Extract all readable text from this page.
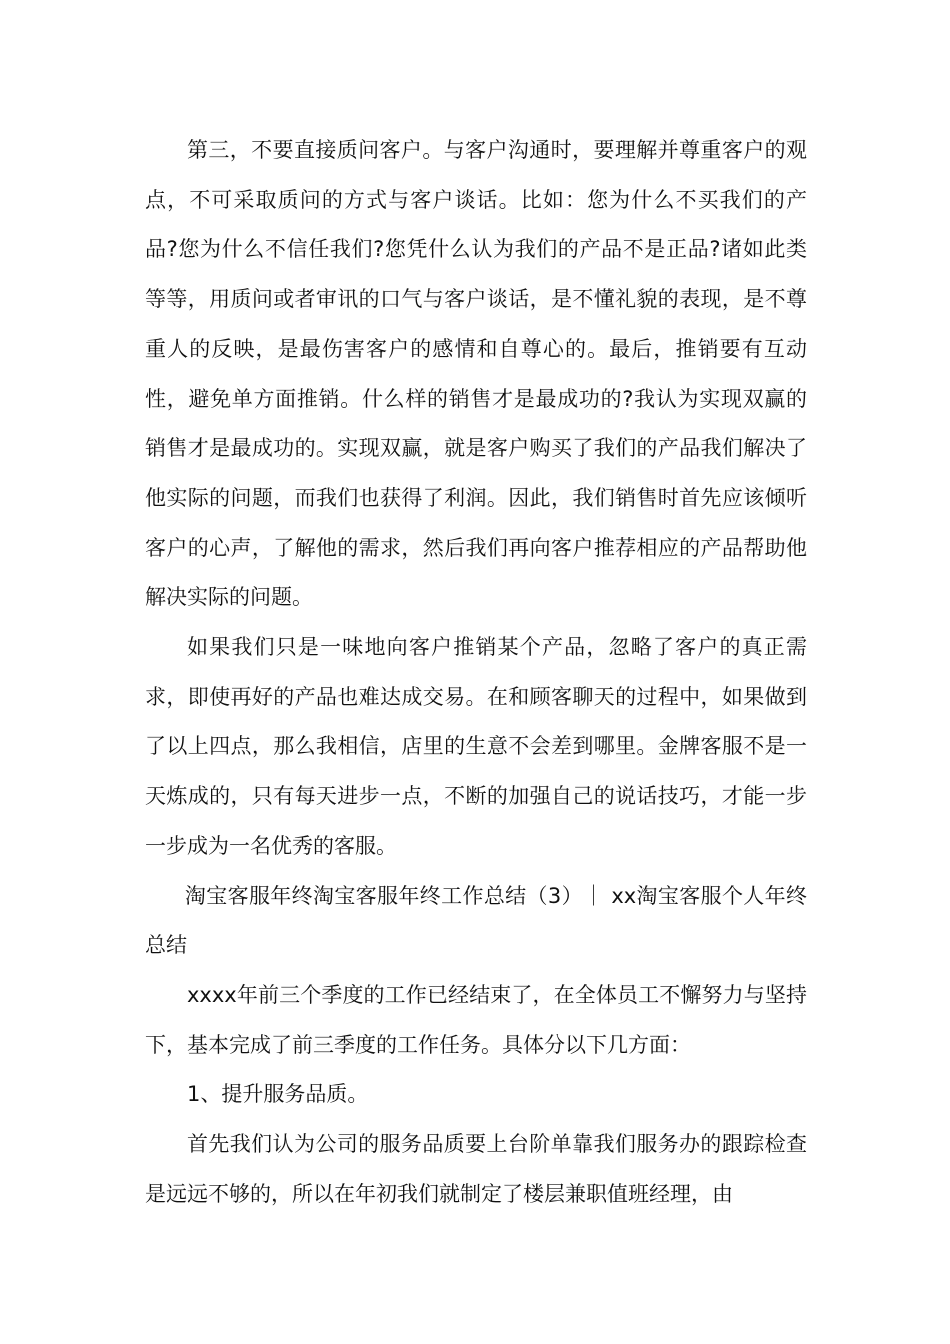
第三，不要直接质问客户。与客户沟通时，要理解并尊重客户的观点，不可采取质问的方式与客户谈话。比如：您为什么不买我们的产品?您为什么不信任我们?您凭什么认为我们的产品不是正品?诸如此类等等，用质问或者审讯的口气与客户谈话，是不懂礼貌的表现，是不尊重人的反映，是最伤害客户的感情和自尊心的。最后，推销要有互动性，避免单方面推销。什么样的销售才是最成功的?我认为实现双赢的销售才是最成功的。实现双赢，就是客户购买了我们的产品我们解决了他实际的问题，而我们也获得了利润。因此，我们销售时首先应该倾听客户的心声，了解他的需求，然后我们再向客户推荐相应的产品帮助他解决实际的问题。

如果我们只是一味地向客户推销某个产品，忽略了客户的真正需求，即使再好的产品也难达成交易。在和顾客聊天的过程中，如果做到了以上四点，那么我相信，店里的生意不会差到哪里。金牌客服不是一天炼成的，只有每天进步一点，不断的加强自己的说话技巧，才能一步一步成为一名优秀的客服。

淘宝客服年终淘宝客服年终工作总结（3）｜ xx淘宝客服个人年终总结

xxxx年前三个季度的工作已经结束了，在全体员工不懈努力与坚持下，基本完成了前三季度的工作任务。具体分以下几方面：

1、提升服务品质。

首先我们认为公司的服务品质要上台阶单靠我们服务办的跟踪检查是远远不够的，所以在年初我们就制定了楼层兼职值班经理，由
